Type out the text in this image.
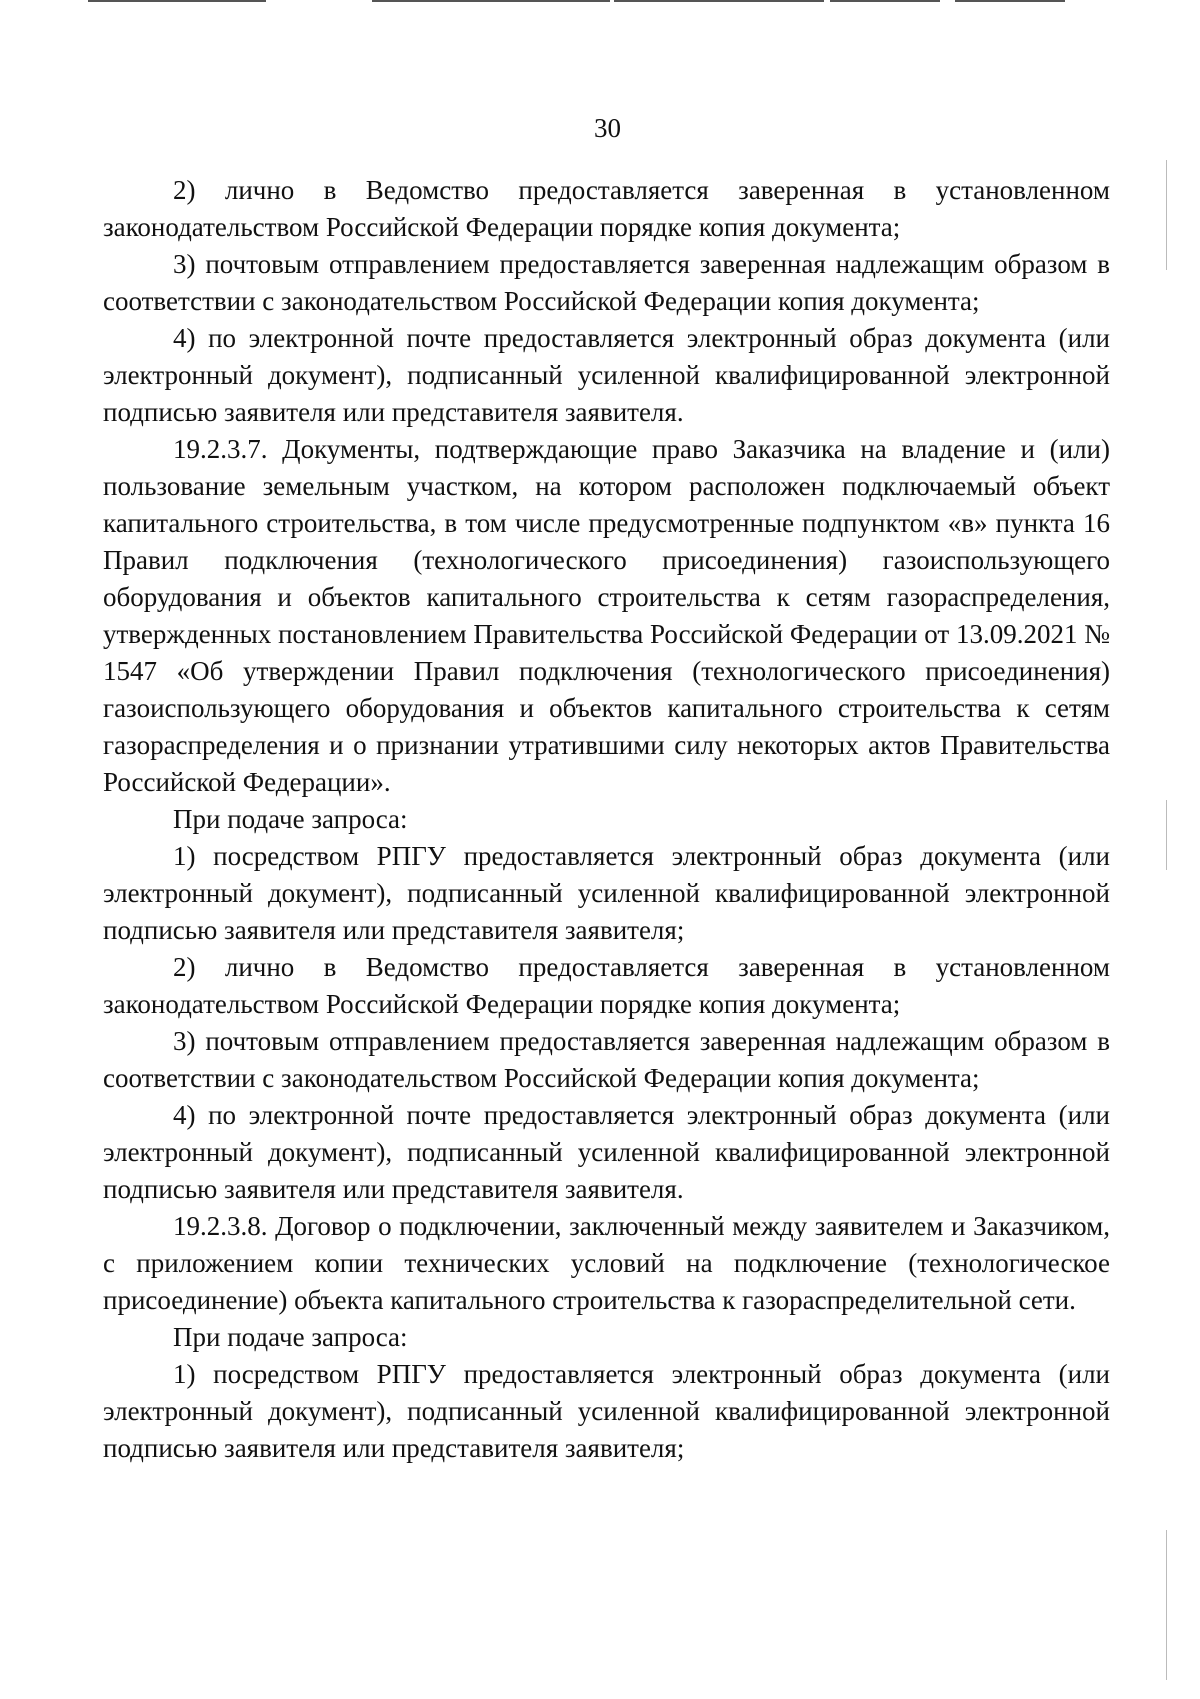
30

2) лично в Ведомство предоставляется заверенная в установленном законодательством Российской Федерации порядке копия документа;

3) почтовым отправлением предоставляется заверенная надлежащим образом в соответствии с законодательством Российской Федерации копия документа;

4) по электронной почте предоставляется электронный образ документа (или электронный документ), подписанный усиленной квалифицированной электронной подписью заявителя или представителя заявителя.

19.2.3.7. Документы, подтверждающие право Заказчика на владение и (или) пользование земельным участком, на котором расположен подключаемый объект капитального строительства, в том числе предусмотренные подпунктом «в» пункта 16 Правил подключения (технологического присоединения) газоиспользующего оборудования и объектов капитального строительства к сетям газораспределения, утвержденных постановлением Правительства Российской Федерации от 13.09.2021 № 1547 «Об утверждении Правил подключения (технологического присоединения) газоиспользующего оборудования и объектов капитального строительства к сетям газораспределения и о признании утратившими силу некоторых актов Правительства Российской Федерации».

При подаче запроса:

1) посредством РПГУ предоставляется электронный образ документа (или электронный документ), подписанный усиленной квалифицированной электронной подписью заявителя или представителя заявителя;

2) лично в Ведомство предоставляется заверенная в установленном законодательством Российской Федерации порядке копия документа;

3) почтовым отправлением предоставляется заверенная надлежащим образом в соответствии с законодательством Российской Федерации копия документа;

4) по электронной почте предоставляется электронный образ документа (или электронный документ), подписанный усиленной квалифицированной электронной подписью заявителя или представителя заявителя.

19.2.3.8. Договор о подключении, заключенный между заявителем и Заказчиком, с приложением копии технических условий на подключение (технологическое присоединение) объекта капитального строительства к газораспределительной сети.

При подаче запроса:

1) посредством РПГУ предоставляется электронный образ документа (или электронный документ), подписанный усиленной квалифицированной электронной подписью заявителя или представителя заявителя;
